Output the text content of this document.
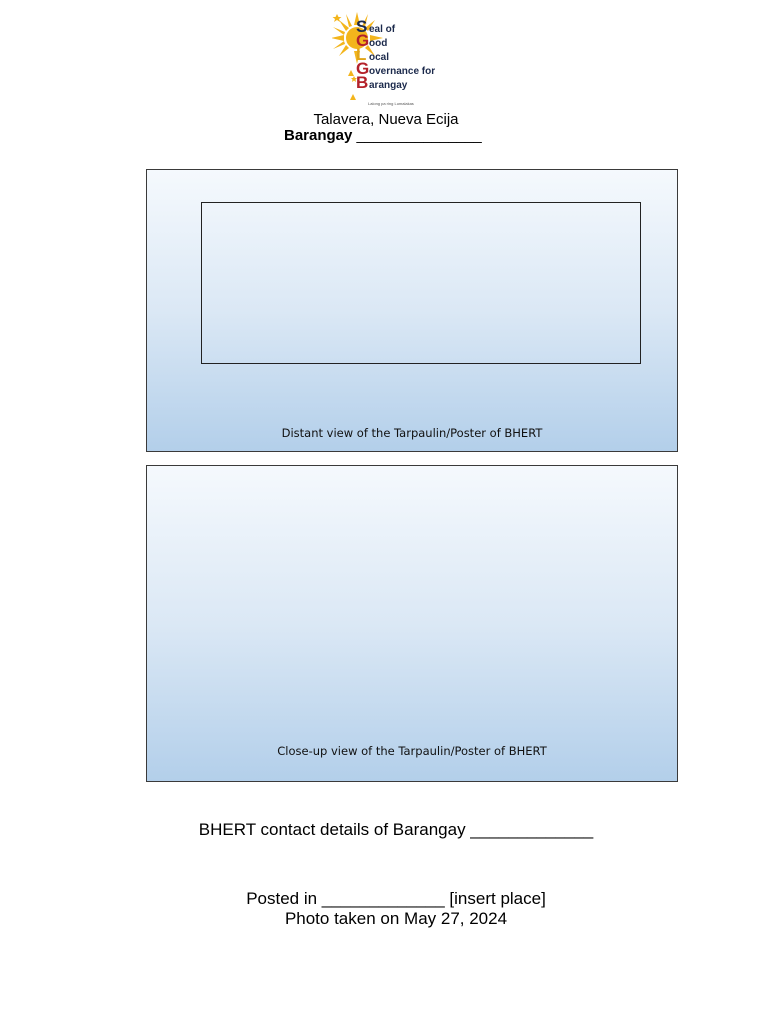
S eal of
G ood
L ocal
G overnance for
B arangay
Lalong pa ring Lumalakas
Talavera, Nueva Ecija
Barangay _______________
Distant view of the Tarpaulin/Poster of BHERT
Close-up view of the Tarpaulin/Poster of BHERT
BHERT contact details of Barangay _____________
Posted in _____________ [insert place]
Photo taken on May 27, 2024
